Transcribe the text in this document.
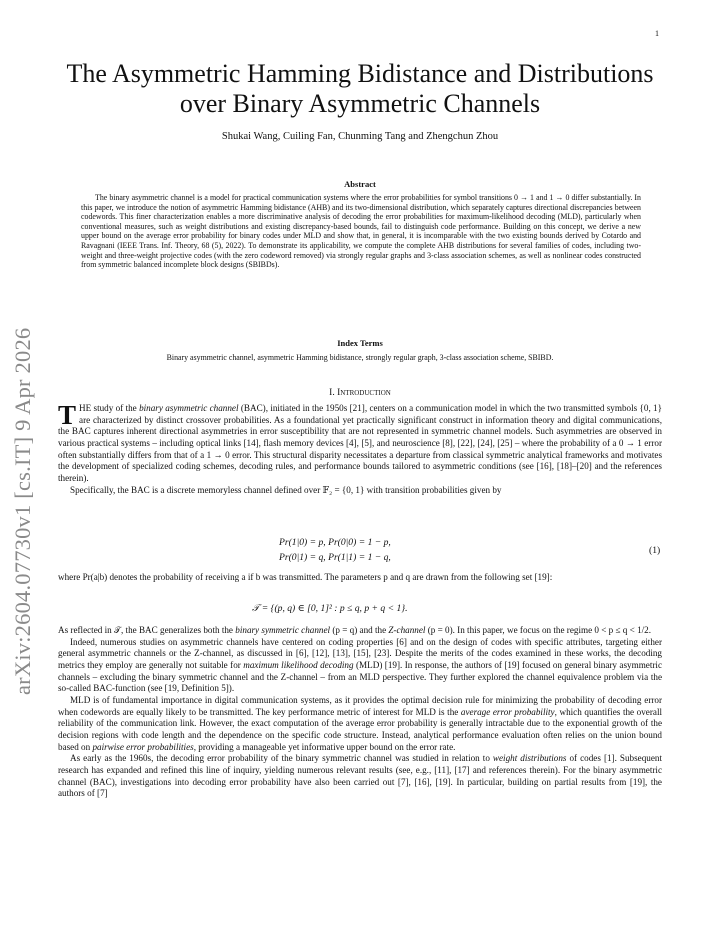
1
arXiv:2604.07730v1 [cs.IT] 9 Apr 2026
The Asymmetric Hamming Bidistance and Distributions over Binary Asymmetric Channels
Shukai Wang, Cuiling Fan, Chunming Tang and Zhengchun Zhou
Abstract
The binary asymmetric channel is a model for practical communication systems where the error probabilities for symbol transitions 0 → 1 and 1 → 0 differ substantially. In this paper, we introduce the notion of asymmetric Hamming bidistance (AHB) and its two-dimensional distribution, which separately captures directional discrepancies between codewords. This finer characterization enables a more discriminative analysis of decoding the error probabilities for maximum-likelihood decoding (MLD), particularly when conventional measures, such as weight distributions and existing discrepancy-based bounds, fail to distinguish code performance. Building on this concept, we derive a new upper bound on the average error probability for binary codes under MLD and show that, in general, it is incomparable with the two existing bounds derived by Cotardo and Ravagnani (IEEE Trans. Inf. Theory, 68 (5), 2022). To demonstrate its applicability, we compute the complete AHB distributions for several families of codes, including two-weight and three-weight projective codes (with the zero codeword removed) via strongly regular graphs and 3-class association schemes, as well as nonlinear codes constructed from symmetric balanced incomplete block designs (SBIBDs).
Index Terms
Binary asymmetric channel, asymmetric Hamming bidistance, strongly regular graph, 3-class association scheme, SBIBD.
I. Introduction

THE study of the binary asymmetric channel (BAC), initiated in the 1950s [21], centers on a communication model in which the two transmitted symbols {0, 1} are characterized by distinct crossover probabilities. As a foundational yet practically significant construct in information theory and digital communications, the BAC captures inherent directional asymmetries in error susceptibility that are not represented in symmetric channel models. Such asymmetries are observed in various practical systems – including optical links [14], flash memory devices [4], [5], and neuroscience [8], [22], [24], [25] – where the probability of a 0 → 1 error often substantially differs from that of a 1 → 0 error. This structural disparity necessitates a departure from classical symmetric analytical frameworks and motivates the development of specialized coding schemes, decoding rules, and performance bounds tailored to asymmetric conditions (see [16], [18]–[20] and the references therein).

Specifically, the BAC is a discrete memoryless channel defined over 𝔽₂ = {0, 1} with transition probabilities given by

Pr(1|0) = p, Pr(0|0) = 1 − p,
Pr(0|1) = q, Pr(1|1) = 1 − q,
(1)

where Pr(a|b) denotes the probability of receiving a if b was transmitted. The parameters p and q are drawn from the following set [19]:

𝒯 = {(p, q) ∈ [0, 1]² : p ≤ q, p + q < 1}.

As reflected in 𝒯, the BAC generalizes both the binary symmetric channel (p = q) and the Z-channel (p = 0). In this paper, we focus on the regime 0 < p ≤ q < 1/2.

Indeed, numerous studies on asymmetric channels have centered on coding properties [6] and on the design of codes with specific attributes, targeting either general asymmetric channels or the Z-channel, as discussed in [6], [12], [13], [15], [23]. Despite the merits of the codes examined in these works, the decoding metrics they employ are generally not suitable for maximum likelihood decoding (MLD) [19]. In response, the authors of [19] focused on general binary asymmetric channels – excluding the binary symmetric channel and the Z-channel – from an MLD perspective. They further explored the channel equivalence problem via the so-called BAC-function (see [19, Definition 5]).

MLD is of fundamental importance in digital communication systems, as it provides the optimal decision rule for minimizing the probability of decoding error when codewords are equally likely to be transmitted. The key performance metric of interest for MLD is the average error probability, which quantifies the overall reliability of the communication link. However, the exact computation of the average error probability is generally intractable due to the exponential growth of the decision regions with code length and the dependence on the specific code structure. Instead, analytical performance evaluation often relies on the union bound based on pairwise error probabilities, providing a manageable yet informative upper bound on the error rate.

As early as the 1960s, the decoding error probability of the binary symmetric channel was studied in relation to weight distributions of codes [1]. Subsequent research has expanded and refined this line of inquiry, yielding numerous relevant results (see, e.g., [11], [17] and references therein). For the binary asymmetric channel (BAC), investigations into decoding error probability have also been carried out [7], [16], [19]. In particular, building on partial results from [19], the authors of [7]
